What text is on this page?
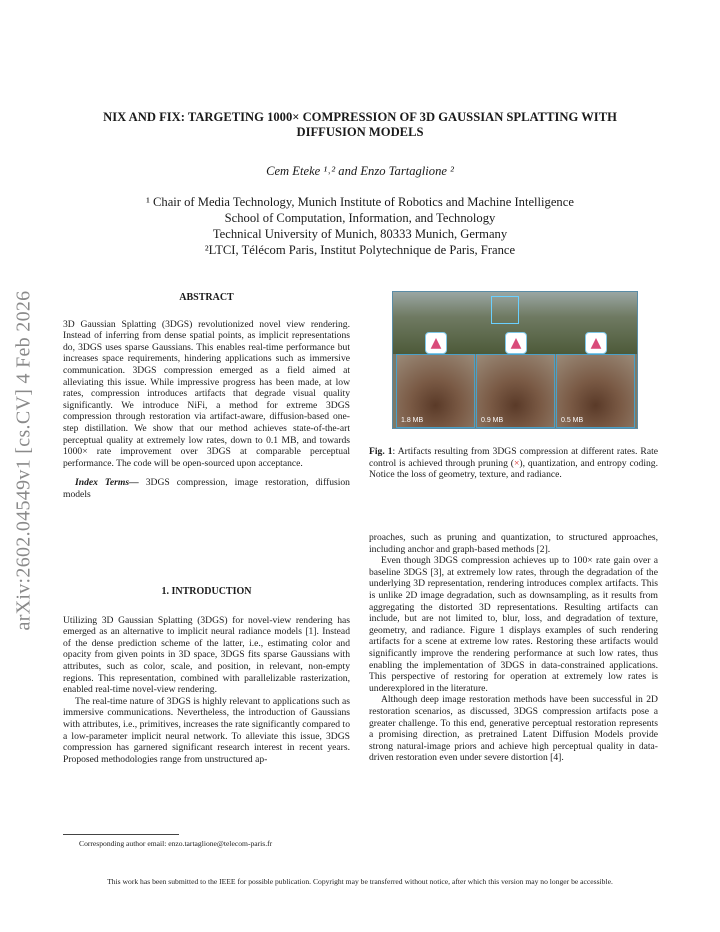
NIX AND FIX: TARGETING 1000× COMPRESSION OF 3D GAUSSIAN SPLATTING WITH
DIFFUSION MODELS
Cem Eteke ¹˒² and Enzo Tartaglione ²
¹ Chair of Media Technology, Munich Institute of Robotics and Machine Intelligence
School of Computation, Information, and Technology
Technical University of Munich, 80333 Munich, Germany
²LTCI, Télécom Paris, Institut Polytechnique de Paris, France
arXiv:2602.04549v1 [cs.CV] 4 Feb 2026	ABSTRACT

3D Gaussian Splatting (3DGS) revolutionized novel view rendering. Instead of inferring from dense spatial points, as implicit representations do, 3DGS uses sparse Gaussians. This enables real-time performance but increases space requirements, hindering applications such as immersive communication. 3DGS compression emerged as a field aimed at alleviating this issue. While impressive progress has been made, at low rates, compression introduces artifacts that degrade visual quality significantly. We introduce NiFi, a method for extreme 3DGS compression through restoration via artifact-aware, diffusion-based one-step distillation. We show that our method achieves state-of-the-art perceptual quality at extremely low rates, down to 0.1 MB, and towards 1000× rate improvement over 3DGS at comparable perceptual performance. The code will be open-sourced upon acceptance.

Index Terms— 3DGS compression, image restoration, diffusion models

1. INTRODUCTION

Utilizing 3D Gaussian Splatting (3DGS) for novel-view rendering has emerged as an alternative to implicit neural radiance models [1]. Instead of the dense prediction scheme of the latter, i.e., estimating color and opacity from given points in 3D space, 3DGS fits sparse Gaussians with attributes, such as color, scale, and position, in relevant, non-empty regions. This representation, combined with parallelizable rasterization, enabled real-time novel-view rendering.

The real-time nature of 3DGS is highly relevant to applications such as immersive communications. Nevertheless, the introduction of Gaussians with attributes, i.e., primitives, increases the rate significantly compared to a low-parameter implicit neural network. To alleviate this issue, 3DGS compression has garnered significant research interest in recent years. Proposed methodologies range from unstructured ap-

1.8 MB	0.9 MB	0.5 MB
▲	▲	▲
Fig. 1: Artifacts resulting from 3DGS compression at different rates. Rate control is achieved through pruning (×), quantization, and entropy coding. Notice the loss of geometry, texture, and radiance.

proaches, such as pruning and quantization, to structured approaches, including anchor and graph-based methods [2].

Even though 3DGS compression achieves up to 100× rate gain over a baseline 3DGS [3], at extremely low rates, through the degradation of the underlying 3D representation, rendering introduces complex artifacts. This is unlike 2D image degradation, such as downsampling, as it results from aggregating the distorted 3D representations. Resulting artifacts can include, but are not limited to, blur, loss, and degradation of texture, geometry, and radiance. Figure 1 displays examples of such rendering artifacts for a scene at extreme low rates. Restoring these artifacts would significantly improve the rendering performance at such low rates, thus enabling the implementation of 3DGS in data-constrained applications. This perspective of restoring for operation at extremely low rates is underexplored in the literature.

Although deep image restoration methods have been successful in 2D restoration scenarios, as discussed, 3DGS compression artifacts pose a greater challenge. To this end, generative perceptual restoration represents a promising direction, as pretrained Latent Diffusion Models provide strong natural-image priors and achieve high perceptual quality in data-driven restoration even under severe distortion [4].

Corresponding author email: enzo.tartaglione@telecom-paris.fr
This work has been submitted to the IEEE for possible publication. Copyright may be transferred without notice, after which this version may no longer be accessible.
